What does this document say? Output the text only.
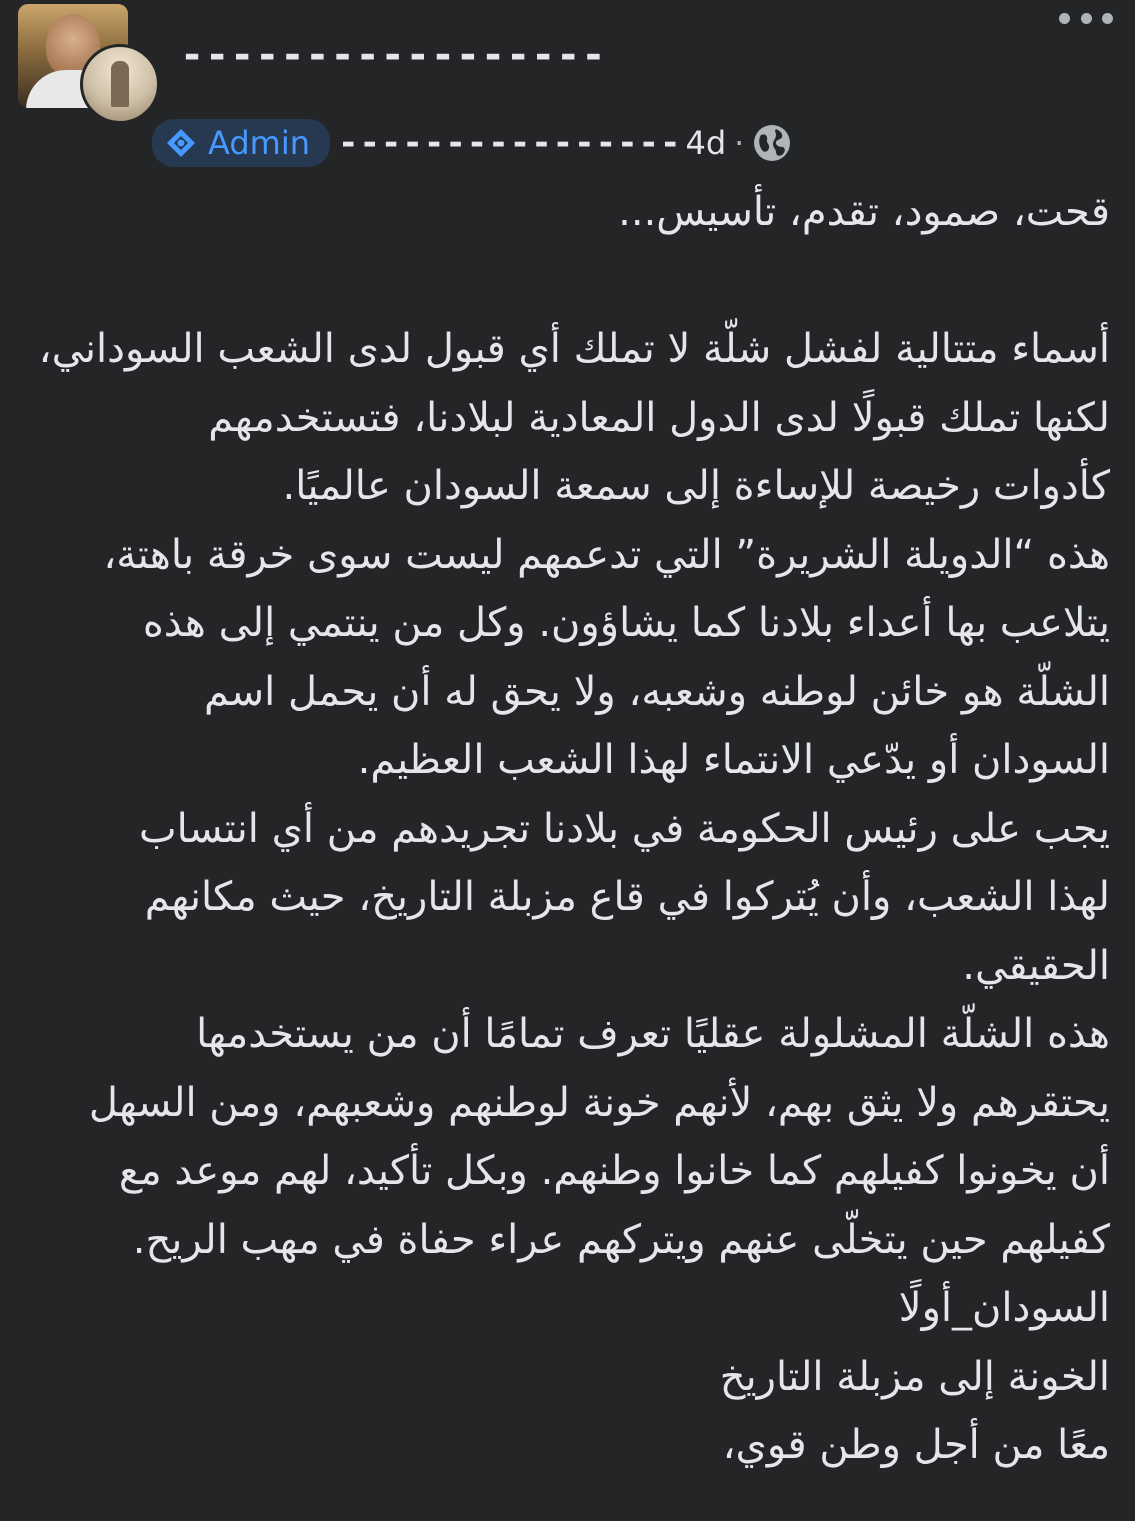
-----------------
Admin ---------------- 4d ·
قحت، صمود، تقدم، تأسيس...
أسماء متتالية لفشل شلّة لا تملك أي قبول لدى الشعب السوداني،
لكنها تملك قبولًا لدى الدول المعادية لبلادنا، فتستخدمهم
كأدوات رخيصة للإساءة إلى سمعة السودان عالميًا.
هذه “الدويلة الشريرة” التي تدعمهم ليست سوى خرقة باهتة،
يتلاعب بها أعداء بلادنا كما يشاؤون. وكل من ينتمي إلى هذه
الشلّة هو خائن لوطنه وشعبه، ولا يحق له أن يحمل اسم
السودان أو يدّعي الانتماء لهذا الشعب العظيم.
يجب على رئيس الحكومة في بلادنا تجريدهم من أي انتساب
لهذا الشعب، وأن يُتركوا في قاع مزبلة التاريخ، حيث مكانهم
الحقيقي.
هذه الشلّة المشلولة عقليًا تعرف تمامًا أن من يستخدمها
يحتقرهم ولا يثق بهم، لأنهم خونة لوطنهم وشعبهم، ومن السهل
أن يخونوا كفيلهم كما خانوا وطنهم. وبكل تأكيد، لهم موعد مع
كفيلهم حين يتخلّى عنهم ويتركهم عراء حفاة في مهب الريح.
السودان_أولًا
الخونة إلى مزبلة التاريخ
معًا من أجل وطن قوي،
